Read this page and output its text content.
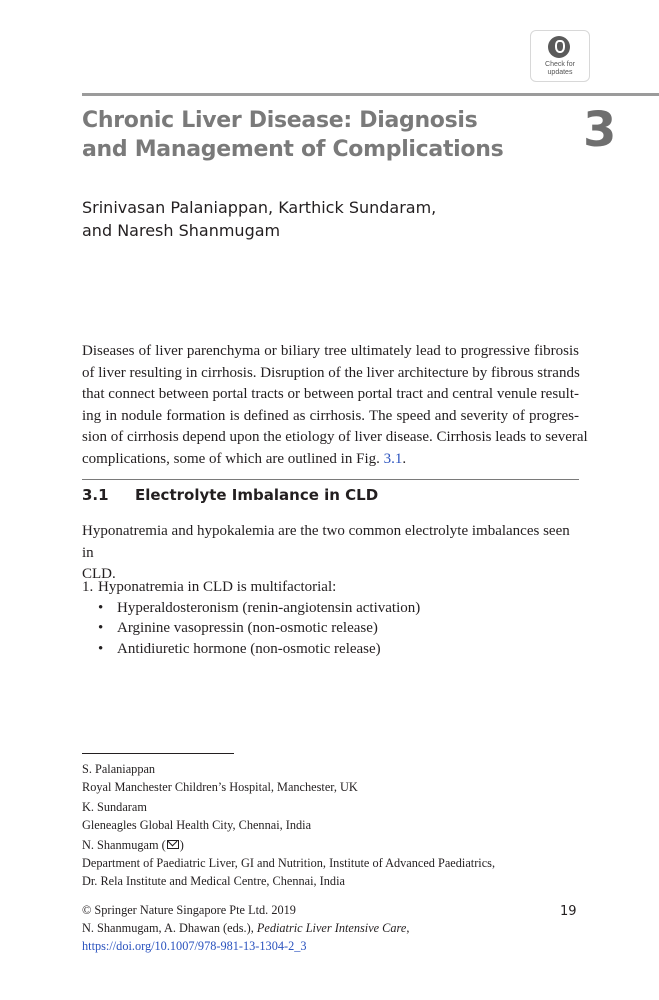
Check for
updates
Chronic Liver Disease: Diagnosis
and Management of Complications	3
Srinivasan Palaniappan, Karthick Sundaram,
and Naresh Shanmugam
Diseases of liver parenchyma or biliary tree ultimately lead to progressive fibrosis
of liver resulting in cirrhosis. Disruption of the liver architecture by fibrous strands
that connect between portal tracts or between portal tract and central venule result-
ing in nodule formation is defined as cirrhosis. The speed and severity of progres-
sion of cirrhosis depend upon the etiology of liver disease. Cirrhosis leads to several
complications, some of which are outlined in Fig. 3.1.
3.1 Electrolyte Imbalance in CLD
Hyponatremia and hypokalemia are the two common electrolyte imbalances seen in
CLD.
1. Hyponatremia in CLD is multifactorial:
• Hyperaldosteronism (renin-angiotensin activation)
• Arginine vasopressin (non-osmotic release)
• Antidiuretic hormone (non-osmotic release)
S. Palaniappan
Royal Manchester Children’s Hospital, Manchester, UK
K. Sundaram
Gleneagles Global Health City, Chennai, India
N. Shanmugam ( )
Department of Paediatric Liver, GI and Nutrition, Institute of Advanced Paediatrics,
Dr. Rela Institute and Medical Centre, Chennai, India
© Springer Nature Singapore Pte Ltd. 2019
N. Shanmugam, A. Dhawan (eds.), Pediatric Liver Intensive Care,
https://doi.org/10.1007/978-981-13-1304-2_3
19
